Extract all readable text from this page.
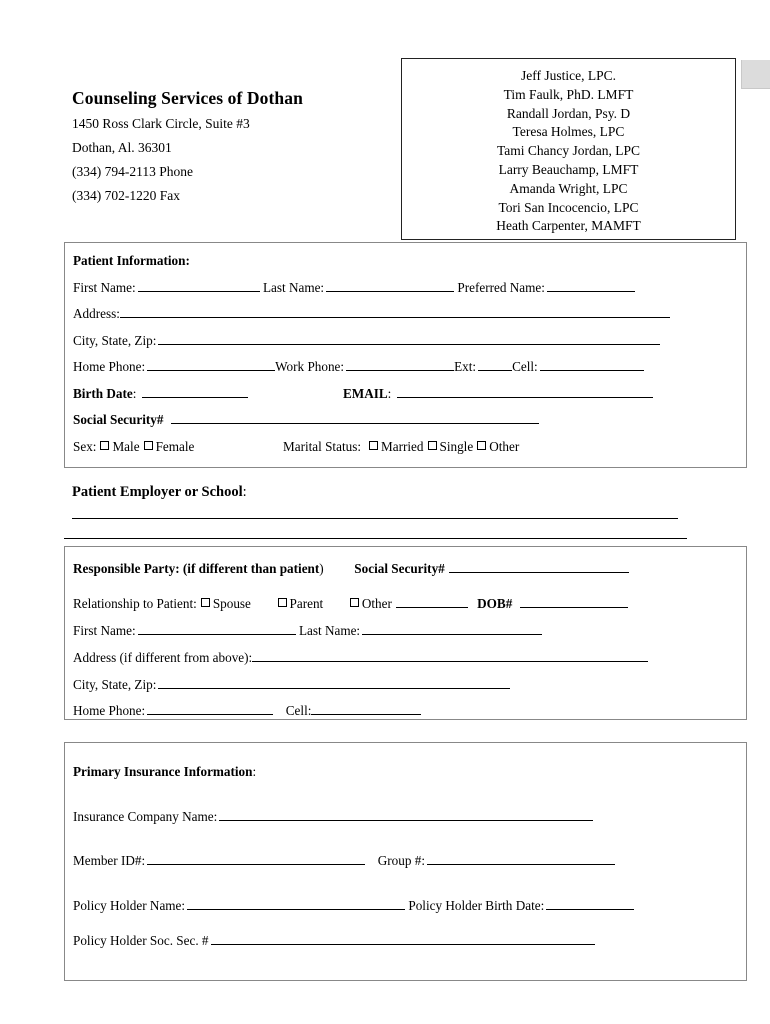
Counseling Services of Dothan
1450 Ross Clark Circle, Suite #3
Dothan, Al. 36301
(334) 794-2113 Phone
(334) 702-1220 Fax
Jeff Justice, LPC.
Tim Faulk, PhD. LMFT
Randall Jordan, Psy. D
Teresa Holmes, LPC
Tami Chancy Jordan, LPC
Larry Beauchamp, LMFT
Amanda Wright, LPC
Tori San Incocencio, LPC
Heath Carpenter, MAMFT
Patient Information:
First Name:	Last Name:	Preferred Name:
Address:
City, State, Zip:
Home Phone:	Work Phone:	Ext:	Cell:
Birth Date:	EMAIL:
Social Security#
Sex: Male Female	Marital Status: Married Single Other
Patient Employer or School:
Responsible Party: (if different than patient) Social Security#
Relationship to Patient: Spouse	Parent	Other	DOB#
First Name:	Last Name:
Address (if different from above):
City, State, Zip:
Home Phone:	Cell:
Primary Insurance Information:
Insurance Company Name:
Member ID#:	Group #:
Policy Holder Name:	Policy Holder Birth Date:
Policy Holder Soc. Sec. #
